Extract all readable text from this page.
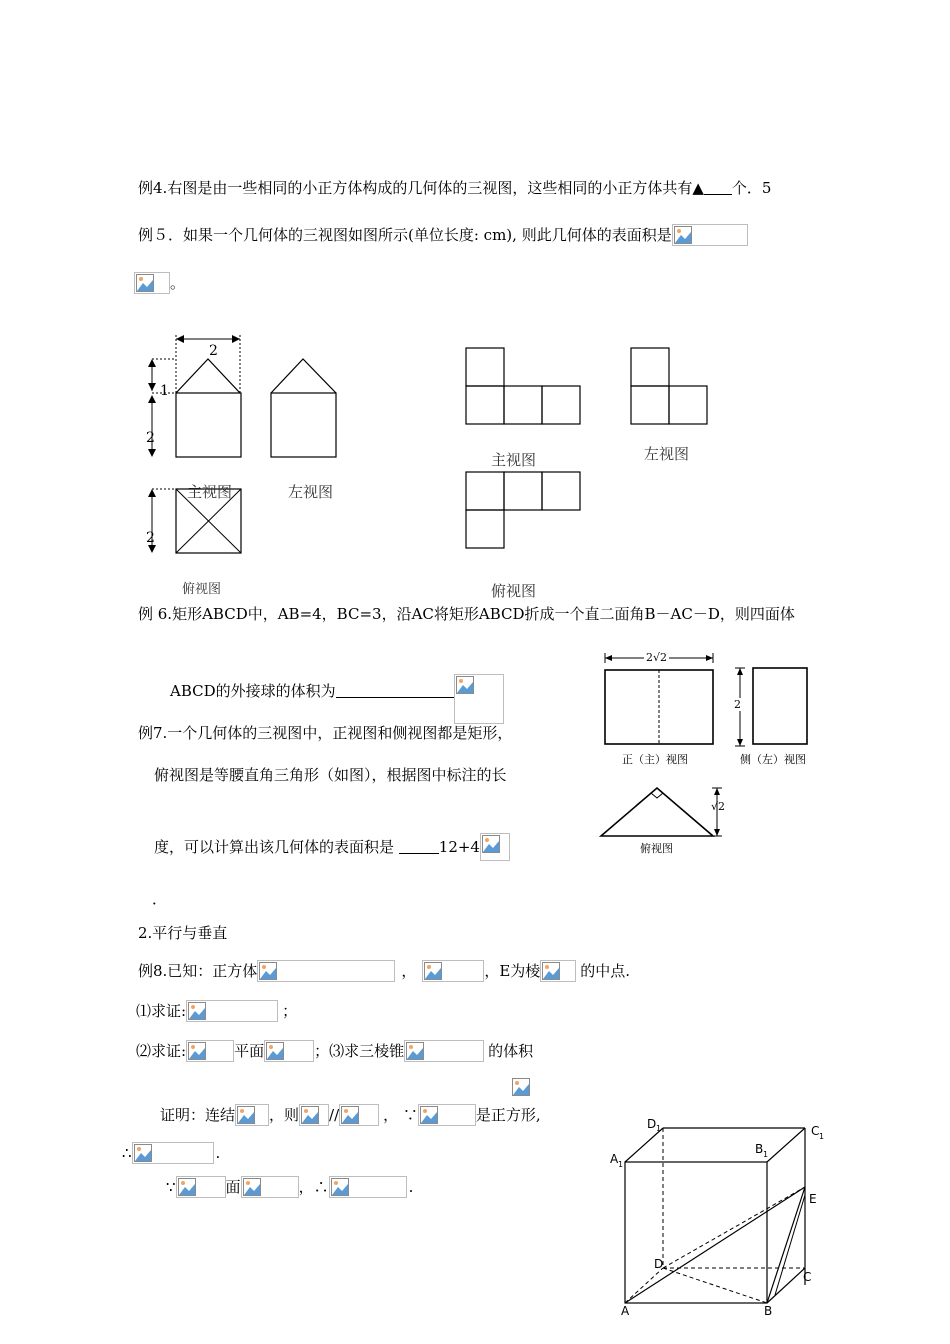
例4.右图是由一些相同的小正方体构成的几何体的三视图，这些相同的小正方体共有▲ 个．5
例５．如果一个几何体的三视图如图所示(单位长度: cm), 则此几何体的表面积是
。
2
1
2
2
主视图	左视图
俯视图
主视图	左视图
俯视图
例 6.矩形ABCD中，AB=4，BC=3，沿AC将矩形ABCD折成一个直二面角B－AC－D，则四面体
ABCD的外接球的体积为
2√2
2
√2
正（主）视图	侧（左）视图
俯视图
例7.一个几何体的三视图中，正视图和侧视图都是矩形，
俯视图是等腰直角三角形（如图），根据图中标注的长
度，可以计算出该几何体的表面积是	12+4
．
2.平行与垂直
例8.已知：正方体	，	，E为棱	的中点.
⑴求证:	；
⑵求证:	平面	；⑶求三棱锥	的体积
证明：连结 ，则 //	， ∵	是正方形,
∴	.
∵	面	，∴	.
D 1	C 1
A 1
B 1
E
D
C
A	B
